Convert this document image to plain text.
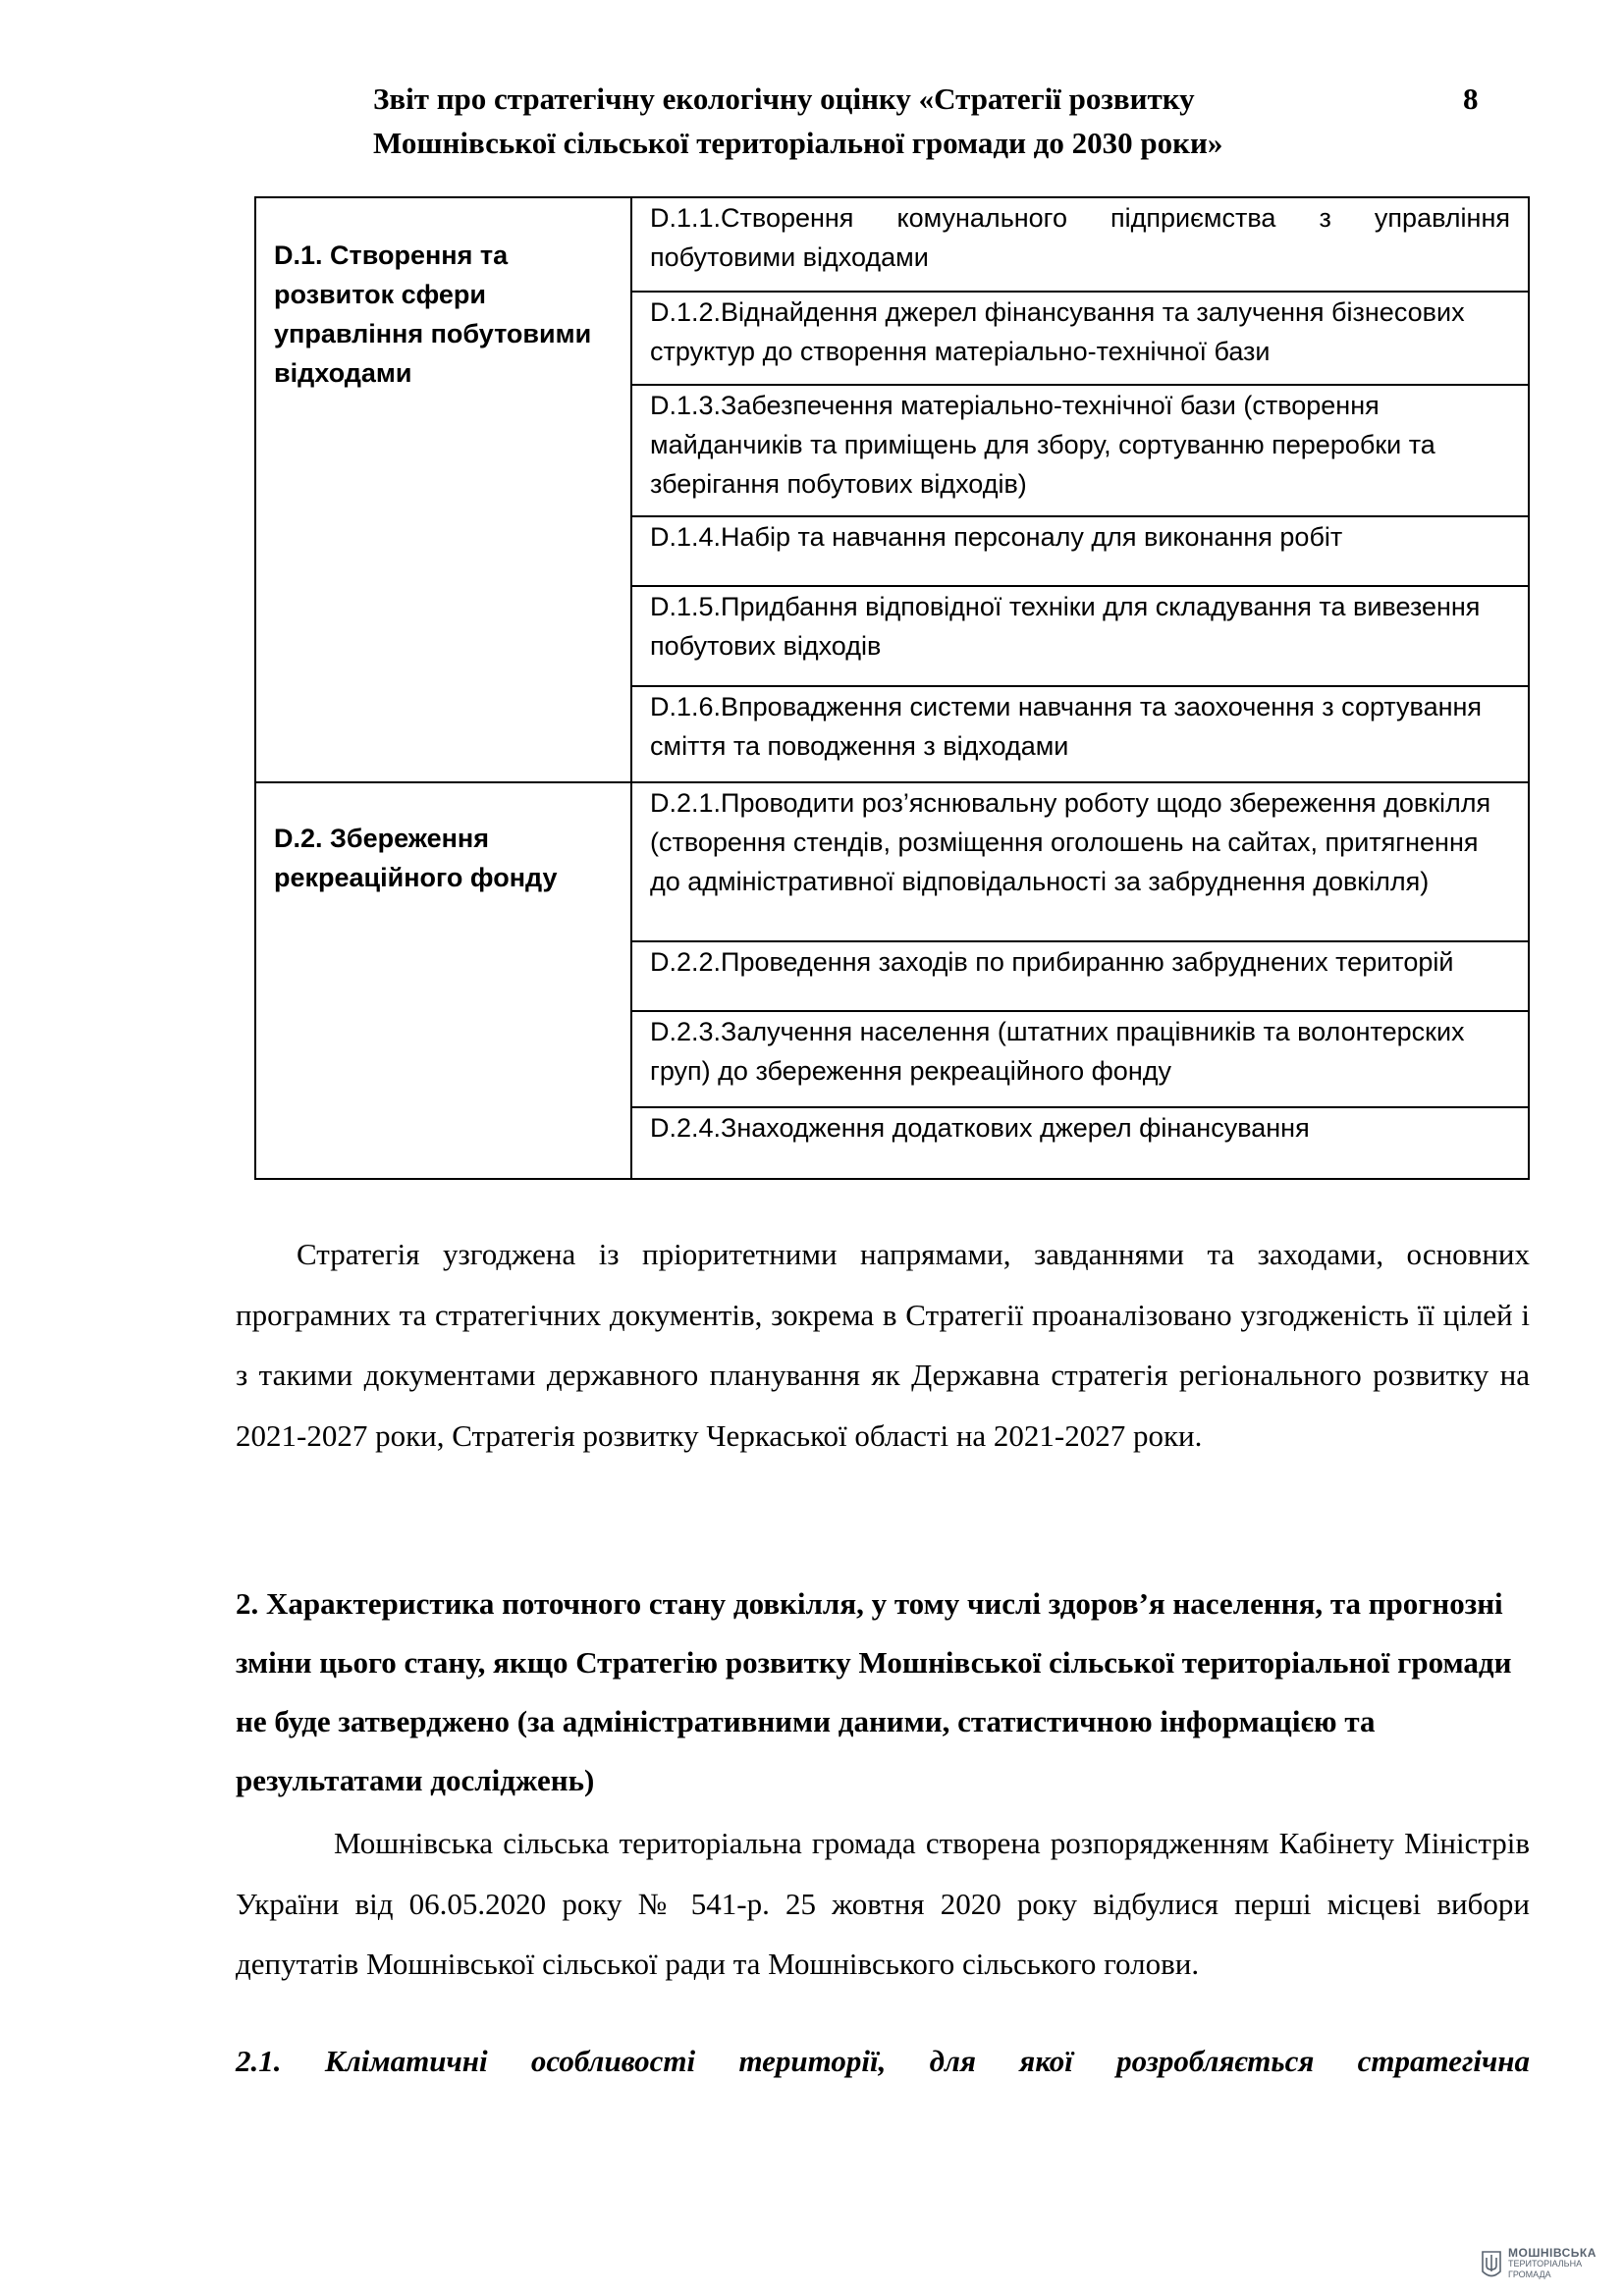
Звіт про стратегічну екологічну оцінку «Стратегії розвитку
Мошнівської сільської територіальної громади до 2030 роки»
8
D.1. Створення та розвиток сфери управління побутовими відходами	D.1.1.Створення комунального підприємства з управління побутовими відходами
	D.1.2.Віднайдення джерел фінансування та залучення бізнесових структур до створення матеріально-технічної бази
	D.1.3.Забезпечення матеріально-технічної бази (створення майданчиків та приміщень для збору, сортуванню переробки та зберігання побутових відходів)
	D.1.4.Набір та навчання персоналу для виконання робіт
	D.1.5.Придбання відповідної техніки для складування та вивезення побутових відходів
	D.1.6.Впровадження системи навчання та заохочення з сортування сміття та поводження з відходами
D.2. Збереження рекреаційного фонду	D.2.1.Проводити роз’яснювальну роботу щодо збереження довкілля (створення стендів, розміщення оголошень на сайтах, притягнення до адміністративної відповідальності за забруднення довкілля)
	D.2.2.Проведення заходів по прибиранню забруднених територій
	D.2.3.Залучення населення (штатних працівників та волонтерских груп) до збереження рекреаційного фонду
	D.2.4.Знаходження додаткових джерел фінансування

Стратегія узгоджена із пріоритетними напрямами, завданнями та заходами, основних програмних та стратегічних документів, зокрема в Стратегії проаналізовано узгодженість її цілей і з такими документами державного планування як Державна стратегія регіонального розвитку на 2021-2027 роки, Стратегія розвитку Черкаської області на 2021-2027 роки.

2. Характеристика поточного стану довкілля, у тому числі здоров’я населення, та прогнозні зміни цього стану, якщо Стратегію розвитку Мошнівської сільської територіальної громади не буде затверджено (за адміністративними даними, статистичною інформацією та результатами досліджень)

Мошнівська сільська територіальна громада створена розпорядженням Кабінету Міністрів України від 06.05.2020 року № 541-р. 25 жовтня 2020 року відбулися перші місцеві вибори депутатів Мошнівської сільської ради та Мошнівського сільського голови.

2.1. Кліматичні особливості території, для якої розробляється стратегічна
МОШНІВСЬКА
ТЕРИТОРІАЛЬНА
ГРОМАДА
